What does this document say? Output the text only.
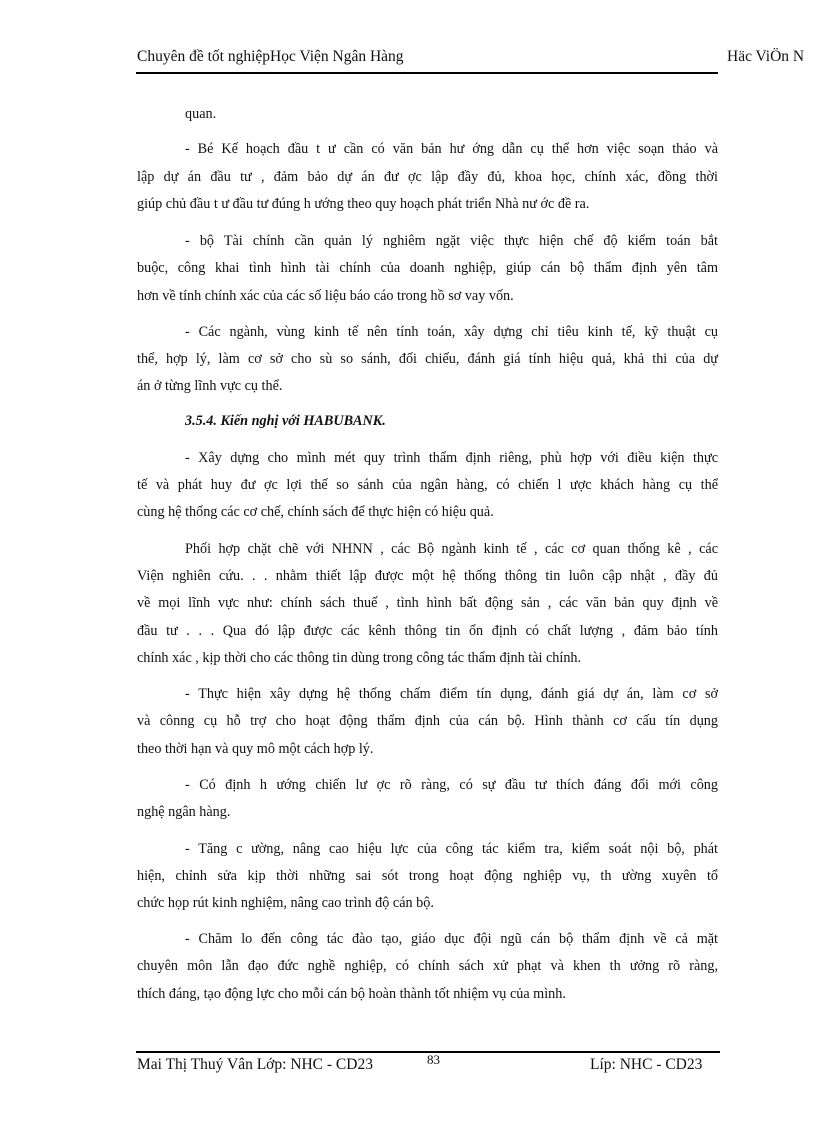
Chuyên đề tốt nghiệpHọc Viện Ngân Hàng	Häc ViÖn N
quan.
- Bé Kế hoạch đầu t ư cần có văn bản hư ớng dẫn cụ thể hơn việc soạn thảo và
lập dự án đầu tư , đảm bảo dự án đư ợc lập đầy đủ, khoa học, chính xác, đồng thời
giúp chủ đầu t ư đầu tư đúng h ướng theo quy hoạch phát triển Nhà nư ớc đề ra.
- bộ Tài chính cần quản lý nghiêm ngặt việc thực hiện chế độ kiểm toán bắt
buộc, công khai tình hình tài chính của doanh nghiệp, giúp cán bộ thẩm định yên tâm
hơn về tính chính xác của các số liệu báo cáo trong hồ sơ vay vốn.
- Các ngành, vùng kinh tế nên tính toán, xây dựng chỉ tiêu kinh tế, kỹ thuật cụ
thể, hợp lý, làm cơ sở cho sù so sánh, đối chiếu, đánh giá tính hiệu quả, khả thi của dự
án ở từng lĩnh vực cụ thể.
3.5.4. Kiến nghị với HABUBANK.
- Xây dựng cho mình mét quy trình thẩm định riêng, phù hợp với điều kiện thực
tế và phát huy đư ợc lợi thế so sánh của ngân hàng, có chiến l ược khách hàng cụ thể
cùng hệ thống các cơ chế, chính sách để thực hiện có hiệu quả.
Phối hợp chặt chẽ với NHNN , các Bộ ngành kinh tế , các cơ quan thống kê , các
Viện nghiên cứu. . . nhằm thiết lập được một hệ thống thông tin luôn cập nhật , đầy đủ
về mọi lĩnh vực như: chính sách thuế , tình hình bất động sản , các văn bản quy định về
đầu tư . . . Qua đó lập được các kênh thông tin ổn định có chất lượng , đảm bảo tính
chính xác , kịp thời cho các thông tin dùng trong công tác thẩm định tài chính.
- Thực hiện xây dựng hệ thống chấm điểm tín dụng, đánh giá dự án, làm cơ sở
và cônng cụ hỗ trợ cho hoạt động thẩm định của cán bộ. Hình thành cơ cấu tín dụng
theo thời hạn và quy mô một cách hợp lý.
- Có định h ướng chiến lư ợc rõ ràng, có sự đầu tư thích đáng đổi mới công
nghệ ngân hàng.
- Tăng c ường, nâng cao hiệu lực của công tác kiểm tra, kiểm soát nội bộ, phát
hiện, chỉnh sửa kịp thời những sai sót trong hoạt động nghiệp vụ, th ường xuyên tổ
chức họp rút kinh nghiệm, nâng cao trình độ cán bộ.
- Chăm lo đến công tác đào tạo, giáo dục đội ngũ cán bộ thẩm định về cả mặt
chuyên môn lẫn đạo đức nghề nghiệp, có chính sách xử phạt và khen th ưởng rõ ràng,
thích đáng, tạo động lực cho mỗi cán bộ hoàn thành tốt nhiệm vụ của mình.
Mai Thị Thuý Vân Lớp: NHC - CD23	83	Líp: NHC - CD23
